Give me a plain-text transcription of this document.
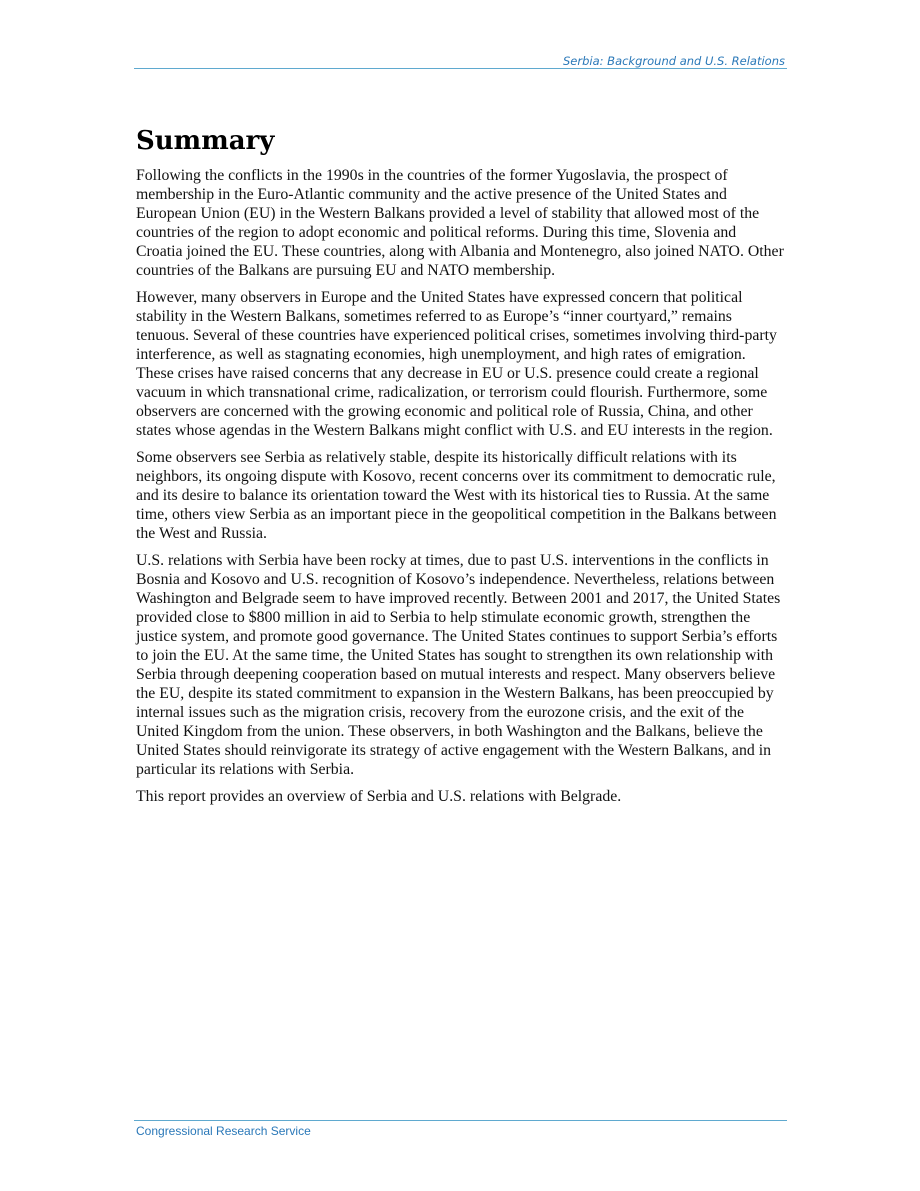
Serbia: Background and U.S. Relations
Summary

Following the conflicts in the 1990s in the countries of the former Yugoslavia, the prospect of membership in the Euro-Atlantic community and the active presence of the United States and European Union (EU) in the Western Balkans provided a level of stability that allowed most of the countries of the region to adopt economic and political reforms. During this time, Slovenia and Croatia joined the EU. These countries, along with Albania and Montenegro, also joined NATO. Other countries of the Balkans are pursuing EU and NATO membership.

However, many observers in Europe and the United States have expressed concern that political stability in the Western Balkans, sometimes referred to as Europe’s “inner courtyard,” remains tenuous. Several of these countries have experienced political crises, sometimes involving third-party interference, as well as stagnating economies, high unemployment, and high rates of emigration. These crises have raised concerns that any decrease in EU or U.S. presence could create a regional vacuum in which transnational crime, radicalization, or terrorism could flourish. Furthermore, some observers are concerned with the growing economic and political role of Russia, China, and other states whose agendas in the Western Balkans might conflict with U.S. and EU interests in the region.

Some observers see Serbia as relatively stable, despite its historically difficult relations with its neighbors, its ongoing dispute with Kosovo, recent concerns over its commitment to democratic rule, and its desire to balance its orientation toward the West with its historical ties to Russia. At the same time, others view Serbia as an important piece in the geopolitical competition in the Balkans between the West and Russia.

U.S. relations with Serbia have been rocky at times, due to past U.S. interventions in the conflicts in Bosnia and Kosovo and U.S. recognition of Kosovo’s independence. Nevertheless, relations between Washington and Belgrade seem to have improved recently. Between 2001 and 2017, the United States provided close to $800 million in aid to Serbia to help stimulate economic growth, strengthen the justice system, and promote good governance. The United States continues to support Serbia’s efforts to join the EU. At the same time, the United States has sought to strengthen its own relationship with Serbia through deepening cooperation based on mutual interests and respect. Many observers believe the EU, despite its stated commitment to expansion in the Western Balkans, has been preoccupied by internal issues such as the migration crisis, recovery from the eurozone crisis, and the exit of the United Kingdom from the union. These observers, in both Washington and the Balkans, believe the United States should reinvigorate its strategy of active engagement with the Western Balkans, and in particular its relations with Serbia.

This report provides an overview of Serbia and U.S. relations with Belgrade.

Congressional Research Service
